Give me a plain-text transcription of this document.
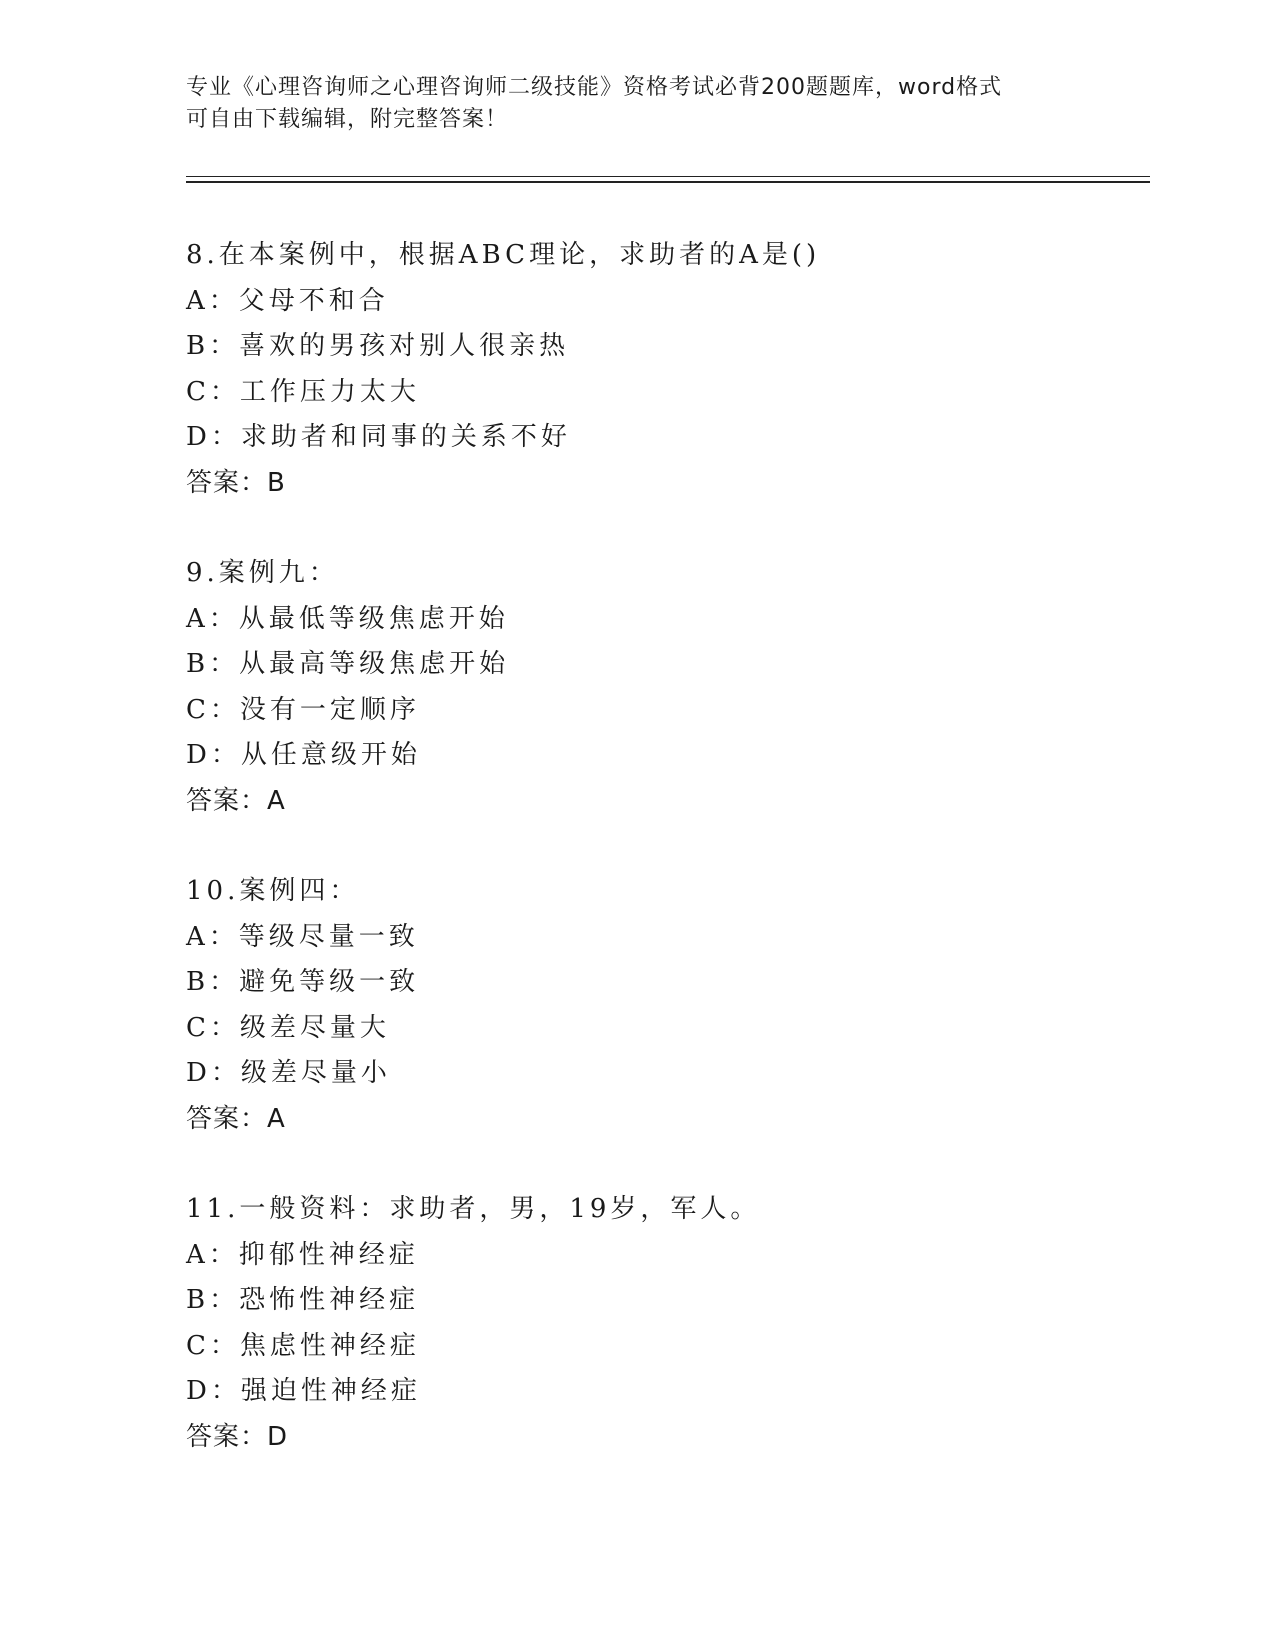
专业《心理咨询师之心理咨询师二级技能》资格考试必背200题题库，word格式
可自由下载编辑，附完整答案！
8.在本案例中，根据ABC理论，求助者的A是()
A：父母不和合
B：喜欢的男孩对别人很亲热
C：工作压力太大
D：求助者和同事的关系不好
答案：B
9.案例九：
A：从最低等级焦虑开始
B：从最高等级焦虑开始
C：没有一定顺序
D：从任意级开始
答案：A
10.案例四：
A：等级尽量一致
B：避免等级一致
C：级差尽量大
D：级差尽量小
答案：A
11.一般资料：求助者，男，19岁，军人。
A：抑郁性神经症
B：恐怖性神经症
C：焦虑性神经症
D：强迫性神经症
答案：D
